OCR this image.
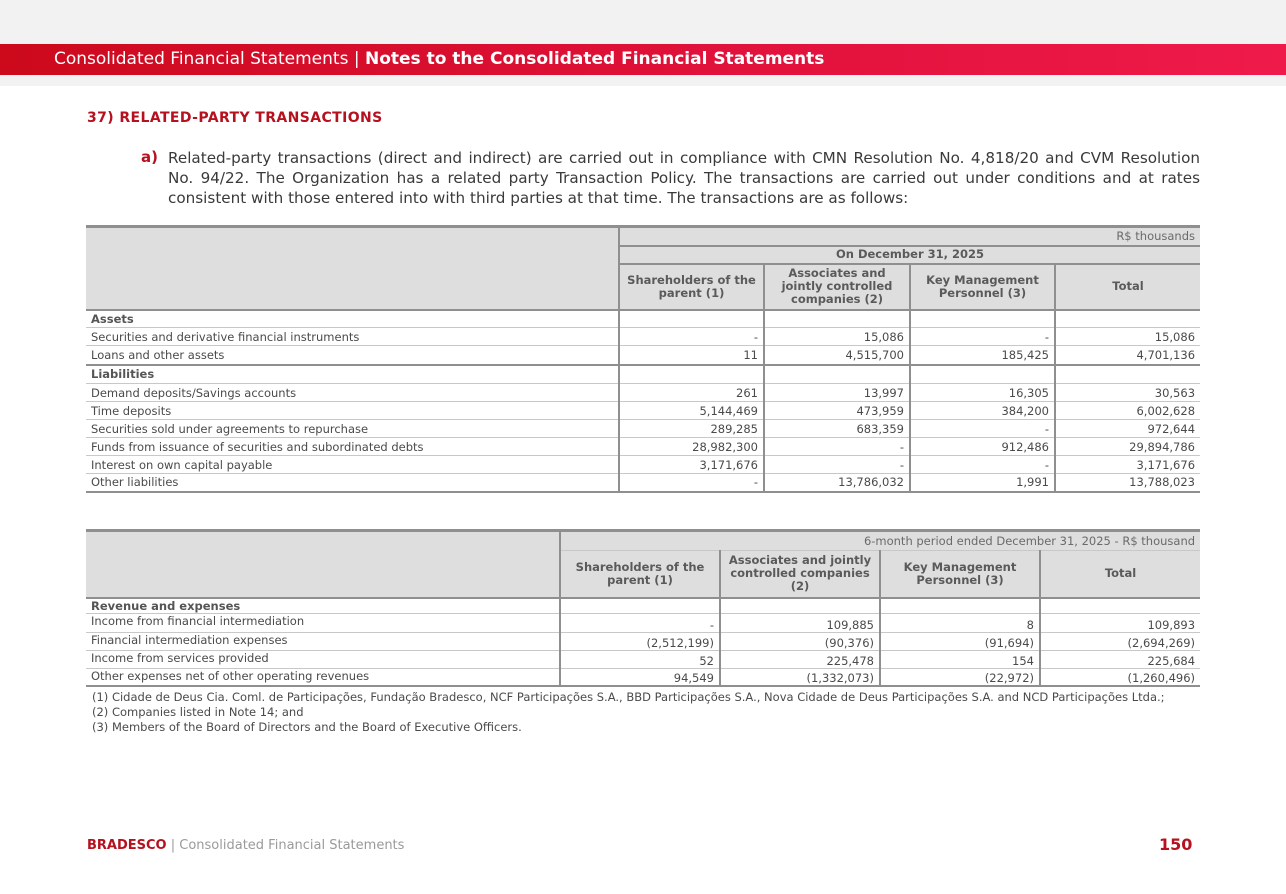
Consolidated Financial Statements | Notes to the Consolidated Financial Statements
37) RELATED-PARTY TRANSACTIONS
a) Related-party transactions (direct and indirect) are carried out in compliance with CMN Resolution No. 4,818/20 and CVM Resolution No. 94/22. The Organization has a related party Transaction Policy. The transactions are carried out under conditions and at rates consistent with those entered into with third parties at that time. The transactions are as follows:
	R$ thousands			
	On December 31, 2025			
	Shareholders of the parent (1)	Associates and jointly controlled companies (2)	Key Management Personnel (3)	Total
Assets				
Securities and derivative financial instruments	-	15,086	-	15,086
Loans and other assets	11	4,515,700	185,425	4,701,136
Liabilities				
Demand deposits/Savings accounts	261	13,997	16,305	30,563
Time deposits	5,144,469	473,959	384,200	6,002,628
Securities sold under agreements to repurchase	289,285	683,359	-	972,644
Funds from issuance of securities and subordinated debts	28,982,300	-	912,486	29,894,786
Interest on own capital payable	3,171,676	-	-	3,171,676
Other liabilities	-	13,786,032	1,991	13,788,023
	6-month period ended December 31, 2025 - R$ thousand			
	Shareholders of the parent (1)	Associates and jointly controlled companies (2)	Key Management Personnel (3)	Total
Revenue and expenses				
Income from financial intermediation	-	109,885	8	109,893
Financial intermediation expenses	(2,512,199)	(90,376)	(91,694)	(2,694,269)
Income from services provided	52	225,478	154	225,684
Other expenses net of other operating revenues	94,549	(1,332,073)	(22,972)	(1,260,496)
(1) Cidade de Deus Cia. Coml. de Participações, Fundação Bradesco, NCF Participações S.A., BBD Participações S.A., Nova Cidade de Deus Participações S.A. and NCD Participações Ltda.;
(2) Companies listed in Note 14; and
(3) Members of the Board of Directors and the Board of Executive Officers.
BRADESCO | Consolidated Financial Statements	150
